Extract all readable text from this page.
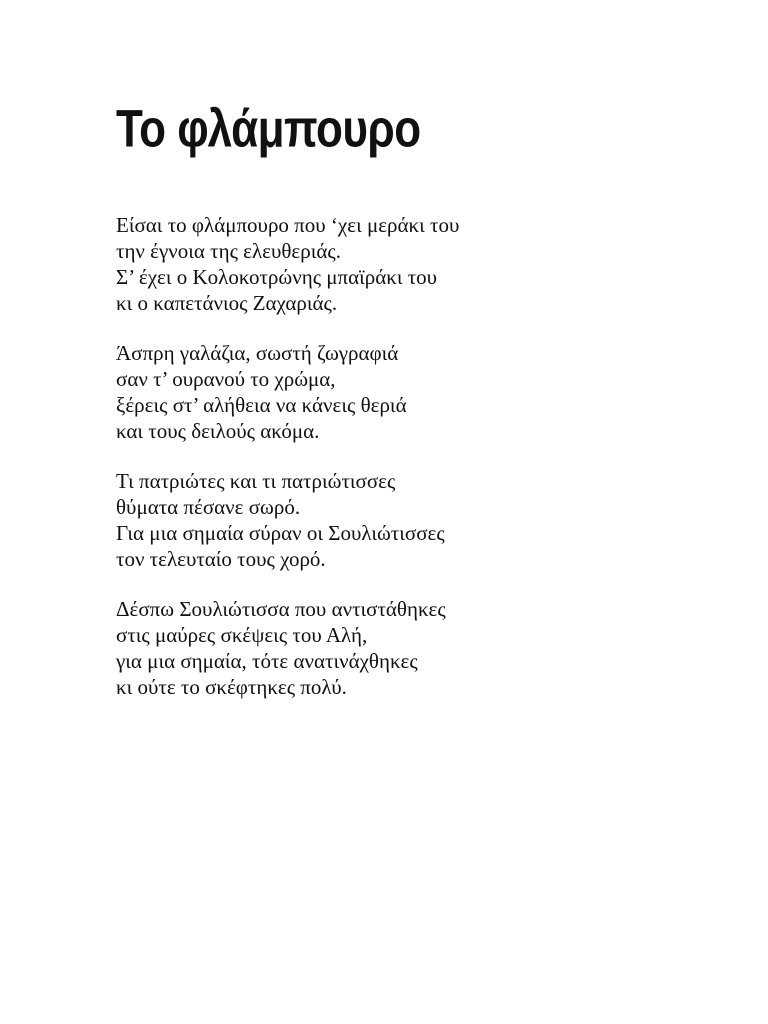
Το φλάμπουρο
Είσαι το φλάμπουρο που ‘χει μεράκι του
την έγνοια της ελευθεριάς.
Σ’ έχει ο Κολοκοτρώνης μπαϊράκι του
κι ο καπετάνιος Ζαχαριάς.
Άσπρη γαλάζια, σωστή ζωγραφιά
σαν τ’ ουρανού το χρώμα,
ξέρεις στ’ αλήθεια να κάνεις θεριά
και τους δειλούς ακόμα.
Τι πατριώτες και τι πατριώτισσες
θύματα πέσανε σωρό.
Για μια σημαία σύραν οι Σουλιώτισσες
τον τελευταίο τους χορό.
Δέσπω Σουλιώτισσα που αντιστάθηκες
στις μαύρες σκέψεις του Αλή,
για μια σημαία, τότε ανατινάχθηκες
κι ούτε το σκέφτηκες πολύ.
